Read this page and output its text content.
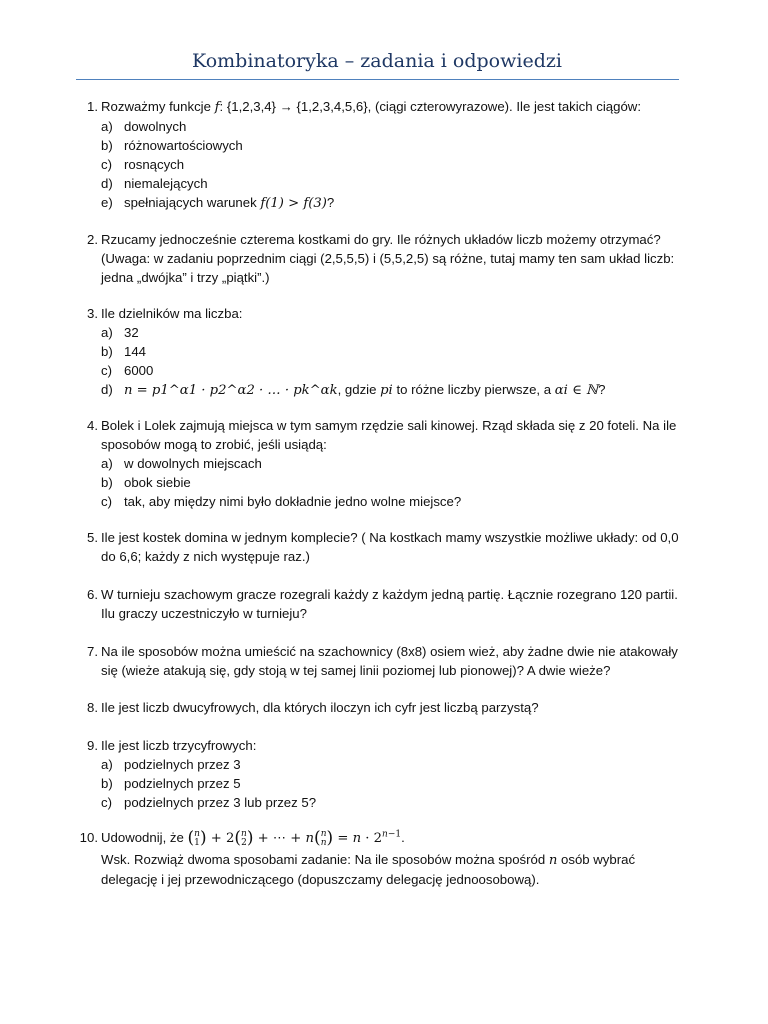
Kombinatoryka – zadania i odpowiedzi
1. Rozważmy funkcje f: {1,2,3,4} → {1,2,3,4,5,6}, (ciągi czterowyrazowe). Ile jest takich ciągów:
a) dowolnych
b) różnowartościowych
c) rosnących
d) niemalejących
e) spełniających warunek f(1) > f(3)?
2. Rzucamy jednocześnie czterema kostkami do gry. Ile różnych układów liczb możemy otrzymać?
(Uwaga: w zadaniu poprzednim ciągi (2,5,5,5) i (5,5,2,5) są różne, tutaj mamy ten sam układ liczb:
jedna „dwójka” i trzy „piątki”.)
3. Ile dzielników ma liczba:
a) 32
b) 144
c) 6000
d) n = p1^α1 · p2^α2 · … · pk^αk, gdzie pi to różne liczby pierwsze, a αi ∈ ℕ?
4. Bolek i Lolek zajmują miejsca w tym samym rzędzie sali kinowej. Rząd składa się z 20 foteli. Na ile
sposobów mogą to zrobić, jeśli usiądą:
a) w dowolnych miejscach
b) obok siebie
c) tak, aby między nimi było dokładnie jedno wolne miejsce?
5. Ile jest kostek domina w jednym komplecie? ( Na kostkach mamy wszystkie możliwe układy: od 0,0
do 6,6; każdy z nich występuje raz.)
6. W turnieju szachowym gracze rozegrali każdy z każdym jedną partię. Łącznie rozegrano 120 partii.
Ilu graczy uczestniczyło w turnieju?
7. Na ile sposobów można umieścić na szachownicy (8x8) osiem wież, aby żadne dwie nie atakowały
się (wieże atakują się, gdy stoją w tej samej linii poziomej lub pionowej)? A dwie wieże?
8. Ile jest liczb dwucyfrowych, dla których iloczyn ich cyfr jest liczbą parzystą?
9. Ile jest liczb trzycyfrowych:
a) podzielnych przez 3
b) podzielnych przez 5
c) podzielnych przez 3 lub przez 5?
10. Udowodnij, że ( n
1 ) + 2( n
2 ) + ⋯ + n( n
n ) = $n \cdot 2^{n-1}$.
Wsk. Rozwiąż dwoma sposobami zadanie: Na ile sposobów można spośród n osób wybrać
delegację i jej przewodniczącego (dopuszczamy delegację jednoosobową).
